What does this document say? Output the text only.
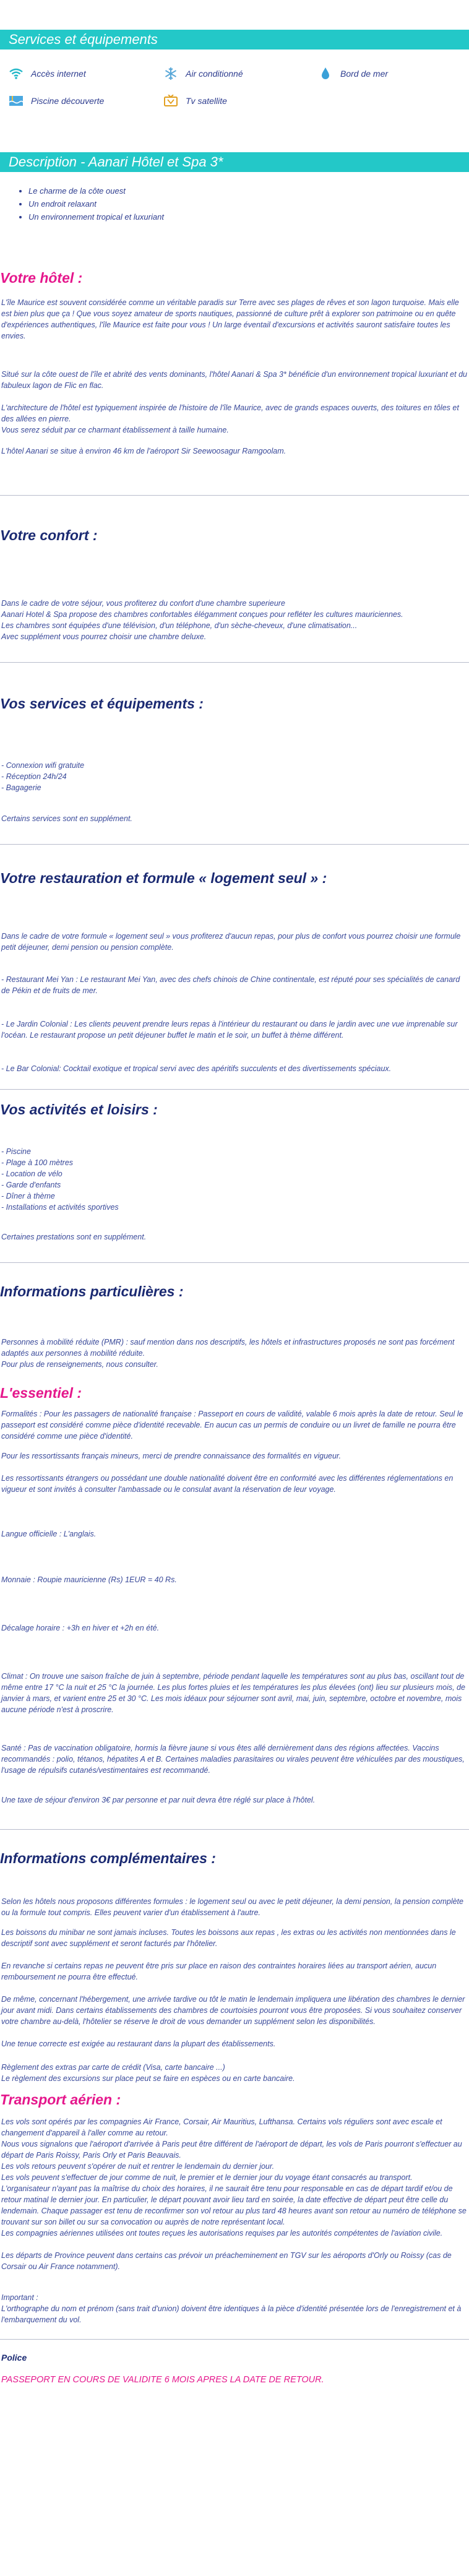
Services et équipements
Accès internet	Air conditionné	Bord de mer
Piscine découverte	Tv satellite
Description - Aanari Hôtel et Spa 3*
• Le charme de la côte ouest
• Un endroit relaxant
• Un environnement tropical et luxuriant
Votre hôtel :

L'île Maurice est souvent considérée comme un véritable paradis sur Terre avec ses plages de rêves et son lagon turquoise. Mais elle est bien plus que ça ! Que vous soyez amateur de sports nautiques, passionné de culture prêt à explorer son patrimoine ou en quête d'expériences authentiques, l'île Maurice est faite pour vous ! Un large éventail d'excursions et activités sauront satisfaire toutes les envies.

Situé sur la côte ouest de l'île et abrité des vents dominants, l'hôtel Aanari & Spa 3* bénéficie d'un environnement tropical luxuriant et du fabuleux lagon de Flic en flac.

L'architecture de l'hôtel est typiquement inspirée de l'histoire de l'île Maurice, avec de grands espaces ouverts, des toitures en tôles et des allées en pierre.

Vous serez séduit par ce charmant établissement à taille humaine.

L'hôtel Aanari se situe à environ 46 km de l'aéroport Sir Seewoosagur Ramgoolam.

Votre confort :

Dans le cadre de votre séjour, vous profiterez du confort d'une chambre superieure

Aanari Hotel & Spa propose des chambres confortables élégamment conçues pour refléter les cultures mauriciennes.

Les chambres sont équipées d'une télévision, d'un téléphone, d'un sèche-cheveux, d'une climatisation...

Avec supplément vous pourrez choisir une chambre deluxe.

Vos services et équipements :

- Connexion wifi gratuite

- Réception 24h/24

- Bagagerie

Certains services sont en supplément.

Votre restauration et formule « logement seul » :

Dans le cadre de votre formule « logement seul » vous profiterez d'aucun repas, pour plus de confort vous pourrez choisir une formule petit déjeuner, demi pension ou pension complète.

- Restaurant Mei Yan : Le restaurant Mei Yan, avec des chefs chinois de Chine continentale, est réputé pour ses spécialités de canard de Pékin et de fruits de mer.

- Le Jardin Colonial : Les clients peuvent prendre leurs repas à l'intérieur du restaurant ou dans le jardin avec une vue imprenable sur l'océan. Le restaurant propose un petit déjeuner buffet le matin et le soir, un buffet à thème différent.

- Le Bar Colonial: Cocktail exotique et tropical servi avec des apéritifs succulents et des divertissements spéciaux.

Vos activités et loisirs :

- Piscine

- Plage à 100 mètres

- Location de vélo

- Garde d'enfants

- Dîner à thème

- Installations et activités sportives

Certaines prestations sont en supplément.

Informations particulières :

Personnes à mobilité réduite (PMR) : sauf mention dans nos descriptifs, les hôtels et infrastructures proposés ne sont pas forcément adaptés aux personnes à mobilité réduite.

Pour plus de renseignements, nous consulter.

L'essentiel :

Formalités : Pour les passagers de nationalité française : Passeport en cours de validité, valable 6 mois après la date de retour. Seul le passeport est considéré comme pièce d'identité recevable. En aucun cas un permis de conduire ou un livret de famille ne pourra être considéré comme une pièce d'identité.

Pour les ressortissants français mineurs, merci de prendre connaissance des formalités en vigueur.

Les ressortissants étrangers ou possédant une double nationalité doivent être en conformité avec les différentes réglementations en vigueur et sont invités à consulter l'ambassade ou le consulat avant la réservation de leur voyage.

Langue officielle : L'anglais.

Monnaie : Roupie mauricienne (Rs) 1EUR = 40 Rs.

Décalage horaire : +3h en hiver et +2h en été.

Climat : On trouve une saison fraîche de juin à septembre, période pendant laquelle les températures sont au plus bas, oscillant tout de même entre 17 °C la nuit et 25 °C la journée. Les plus fortes pluies et les températures les plus élevées (ont) lieu sur plusieurs mois, de janvier à mars, et varient entre 25 et 30 °C. Les mois idéaux pour séjourner sont avril, mai, juin, septembre, octobre et novembre, mois aucune période n'est à proscrire.

Santé : Pas de vaccination obligatoire, hormis la fièvre jaune si vous êtes allé dernièrement dans des régions affectées. Vaccins recommandés : polio, tétanos, hépatites A et B. Certaines maladies parasitaires ou virales peuvent être véhiculées par des moustiques, l'usage de répulsifs cutanés/vestimentaires est recommandé.

Une taxe de séjour d'environ 3€ par personne et par nuit devra être réglé sur place à l'hôtel.

Informations complémentaires :

Selon les hôtels nous proposons différentes formules : le logement seul ou avec le petit déjeuner, la demi pension, la pension complète ou la formule tout compris. Elles peuvent varier d'un établissement à l'autre.

Les boissons du minibar ne sont jamais incluses. Toutes les boissons aux repas , les extras ou les activités non mentionnées dans le descriptif sont avec supplément et seront facturés par l'hôtelier.

En revanche si certains repas ne peuvent être pris sur place en raison des contraintes horaires liées au transport aérien, aucun remboursement ne pourra être effectué.

De même, concernant l'hébergement, une arrivée tardive ou tôt le matin le lendemain impliquera une libération des chambres le dernier jour avant midi. Dans certains établissements des chambres de courtoisies pourront vous être proposées. Si vous souhaitez conserver votre chambre au-delà, l'hôtelier se réserve le droit de vous demander un supplément selon les disponibilités.

Une tenue correcte est exigée au restaurant dans la plupart des établissements.

Règlement des extras par carte de crédit (Visa, carte bancaire ...)

Le règlement des excursions sur place peut se faire en espèces ou en carte bancaire.

Transport aérien :

Les vols sont opérés par les compagnies Air France, Corsair, Air Mauritius, Lufthansa. Certains vols réguliers sont avec escale et changement d'appareil à l'aller comme au retour.

Nous vous signalons que l'aéroport d'arrivée à Paris peut être différent de l'aéroport de départ, les vols de Paris pourront s'effectuer au départ de Paris Roissy, Paris Orly et Paris Beauvais.

Les vols retours peuvent s'opérer de nuit et rentrer le lendemain du dernier jour.

Les vols peuvent s'effectuer de jour comme de nuit, le premier et le dernier jour du voyage étant consacrés au transport.

L'organisateur n'ayant pas la maîtrise du choix des horaires, il ne saurait être tenu pour responsable en cas de départ tardif et/ou de retour matinal le dernier jour. En particulier, le départ pouvant avoir lieu tard en soirée, la date effective de départ peut être celle du lendemain. Chaque passager est tenu de reconfirmer son vol retour au plus tard 48 heures avant son retour au numéro de téléphone se trouvant sur son billet ou sur sa convocation ou auprès de notre représentant local.

Les compagnies aériennes utilisées ont toutes reçues les autorisations requises par les autorités compétentes de l'aviation civile.

Les départs de Province peuvent dans certains cas prévoir un préacheminement en TGV sur les aéroports d'Orly ou Roissy (cas de Corsair ou Air France notamment).

Important :

L'orthographe du nom et prénom (sans trait d'union) doivent être identiques à la pièce d'identité présentée lors de l'enregistrement et à l'embarquement du vol.

Police
PASSEPORT EN COURS DE VALIDITE 6 MOIS APRES LA DATE DE RETOUR.
